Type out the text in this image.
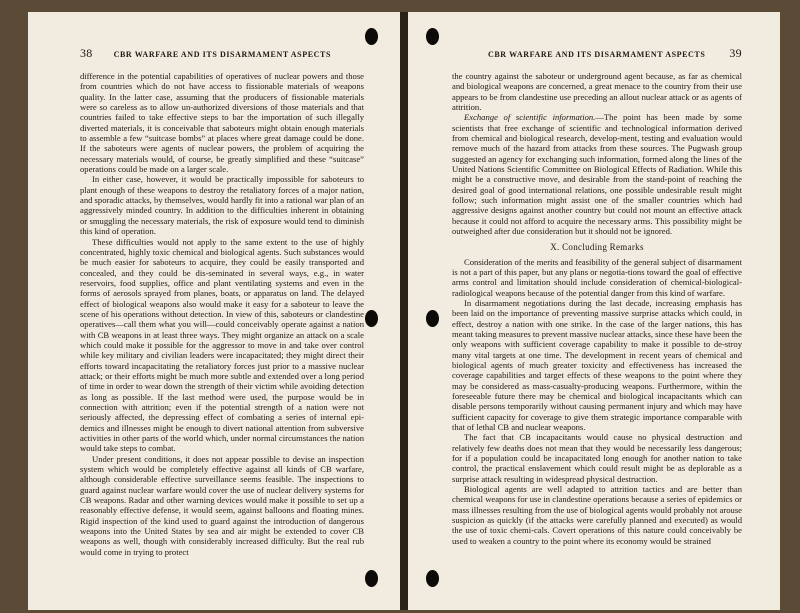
38	CBR WARFARE AND ITS DISARMAMENT ASPECTS

difference in the potential capabilities of operatives of nuclear powers and those from countries which do not have access to fissionable materials of weapons quality. In the latter case, assuming that the producers of fissionable materials were so careless as to allow un-authorized diversions of those materials and that countries failed to take effective steps to bar the importation of such illegally diverted materials, it is conceivable that saboteurs might obtain enough materials to assemble a few “suitcase bombs” at places where great damage could be done. If the saboteurs were agents of nuclear powers, the problem of acquiring the necessary materials would, of course, be greatly simplified and these “suitcase” operations could be made on a larger scale.

In either case, however, it would be practically impossible for saboteurs to plant enough of these weapons to destroy the retaliatory forces of a major nation, and sporadic attacks, by themselves, would hardly fit into a rational war plan of an aggressively minded country. In addition to the difficulties inherent in obtaining or smuggling the necessary materials, the risk of exposure would tend to diminish this kind of operation.

These difficulties would not apply to the same extent to the use of highly concentrated, highly toxic chemical and biological agents. Such substances would be much easier for saboteurs to acquire, they could be easily transported and concealed, and they could be dis-seminated in several ways, e.g., in water reservoirs, food supplies, office and plant ventilating systems and even in the forms of aerosols sprayed from planes, boats, or apparatus on land. The delayed effect of biological weapons also would make it easy for a saboteur to leave the scene of his operations without detection. In view of this, saboteurs or clandestine operatives—call them what you will—could conceivably operate against a nation with CB weapons in at least three ways. They might organize an attack on a scale which could make it possible for the aggressor to move in and take over control while key military and civilian leaders were incapacitated; they might direct their efforts toward incapacitating the retaliatory forces just prior to a massive nuclear attack; or their efforts might be much more subtle and extended over a long period of time in order to wear down the strength of their victim while avoiding detection as long as possible. If the last method were used, the purpose would be in connection with attrition; even if the potential strength of a nation were not seriously affected, the depressing effect of combating a series of internal epi-demics and illnesses might be enough to divert national attention from subversive activities in other parts of the world which, under normal circumstances the nation would take steps to combat.

Under present conditions, it does not appear possible to devise an inspection system which would be completely effective against all kinds of CB warfare, although considerable effective surveillance seems feasible. The inspections to guard against nuclear warfare would cover the use of nuclear delivery systems for CB weapons. Radar and other warning devices would make it possible to set up a reasonably effective defense, it would seem, against balloons and floating mines. Rigid inspection of the kind used to guard against the introduction of dangerous weapons into the United States by sea and air might be extended to cover CB weapons as well, though with considerably increased difficulty. But the real rub would come in trying to protect

CBR WARFARE AND ITS DISARMAMENT ASPECTS 39

the country against the saboteur or underground agent because, as far as chemical and biological weapons are concerned, a great menace to the country from their use appears to be from clandestine use preceding an allout nuclear attack or as agents of attrition.

Exchange of scientific information.—The point has been made by some scientists that free exchange of scientific and technological information derived from chemical and biological research, develop-ment, testing and evaluation would remove much of the hazard from attacks from these sources. The Pugwash group suggested an agency for exchanging such information, formed along the lines of the United Nations Scientific Committee on Biological Effects of Radiation. While this might be a constructive move, and desirable from the stand-point of reaching the desired goal of good international relations, one possible undesirable result might follow; such information might assist one of the smaller countries which had aggressive designs against another country but could not mount an effective attack because it could not afford to acquire the necessary arms. This possibility might be outweighed after due consideration but it should not be ignored.

X. Concluding Remarks

Consideration of the merits and feasibility of the general subject of disarmament is not a part of this paper, but any plans or negotia-tions toward the goal of effective arms control and limitation should include consideration of chemical-biological-radiological weapons because of the potential danger from this kind of warfare.

In disarmament negotiations during the last decade, increasing emphasis has been laid on the importance of preventing massive surprise attacks which could, in effect, destroy a nation with one strike. In the case of the larger nations, this has meant taking measures to prevent massive nuclear attacks, since these have been the only weapons with sufficient coverage capability to make it possible to de-stroy many vital targets at one time. The development in recent years of chemical and biological agents of much greater toxicity and effectiveness has increased the coverage capabilities and target effects of these weapons to the point where they may be considered as mass-casualty-producing weapons. Furthermore, within the foreseeable future there may be chemical and biological incapacitants which can disable persons temporarily without causing permanent injury and which may have sufficient capacity for coverage to give them strategic importance comparable with that of lethal CB and nuclear weapons.

The fact that CB incapacitants would cause no physical destruction and relatively few deaths does not mean that they would be necessarily less dangerous; for if a population could be incapacitated long enough for another nation to take control, the practical enslavement which could result might be as deplorable as a surprise attack resulting in widespread physical destruction.

Biological agents are well adapted to attrition tactics and are better than chemical weapons for use in clandestine operations because a series of epidemics or mass illnesses resulting from the use of biological agents would probably not arouse suspicion as quickly (if the attacks were carefully planned and executed) as would the use of toxic chemi-cals. Covert operations of this nature could conceivably be used to weaken a country to the point where its economy would be strained
